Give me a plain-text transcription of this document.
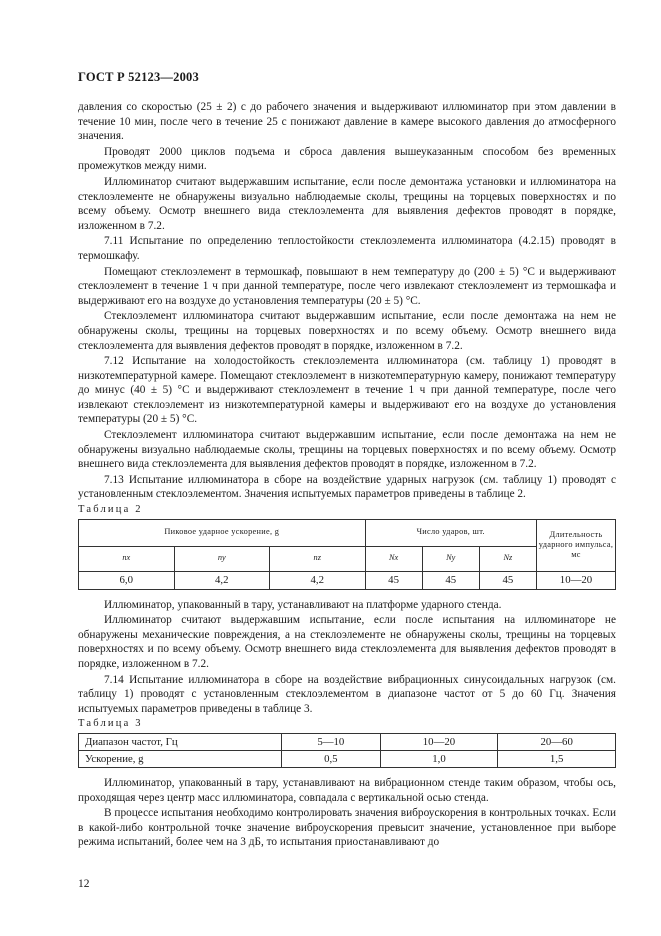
ГОСТ Р 52123—2003

давления со скоростью (25 ± 2) с до рабочего значения и выдерживают иллюминатор при этом давлении в течение 10 мин, после чего в течение 25 с понижают давление в камере высокого давления до атмосферного значения.

Проводят 2000 циклов подъема и сброса давления вышеуказанным способом без временных промежутков между ними.

Иллюминатор считают выдержавшим испытание, если после демонтажа установки и иллюминатора на стеклоэлементе не обнаружены визуально наблюдаемые сколы, трещины на торцевых поверхностях и по всему объему. Осмотр внешнего вида стеклоэлемента для выявления дефектов проводят в порядке, изложенном в 7.2.

7.11 Испытание по определению теплостойкости стеклоэлемента иллюминатора (4.2.15) проводят в термошкафу.

Помещают стеклоэлемент в термошкаф, повышают в нем температуру до (200 ± 5) °С и выдерживают стеклоэлемент в течение 1 ч при данной температуре, после чего извлекают стеклоэлемент из термошкафа и выдерживают его на воздухе до установления температуры (20 ± 5) °С.

Стеклоэлемент иллюминатора считают выдержавшим испытание, если после демонтажа на нем не обнаружены сколы, трещины на торцевых поверхностях и по всему объему. Осмотр внешнего вида стеклоэлемента для выявления дефектов проводят в порядке, изложенном в 7.2.

7.12 Испытание на холодостойкость стеклоэлемента иллюминатора (см. таблицу 1) проводят в низкотемпературной камере. Помещают стеклоэлемент в низкотемпературную камеру, понижают температуру до минус (40 ± 5) °С и выдерживают стеклоэлемент в течение 1 ч при данной температуре, после чего извлекают стеклоэлемент из низкотемпературной камеры и выдерживают его на воздухе до установления температуры (20 ± 5) °С.

Стеклоэлемент иллюминатора считают выдержавшим испытание, если после демонтажа на нем не обнаружены визуально наблюдаемые сколы, трещины на торцевых поверхностях и по всему объему. Осмотр внешнего вида стеклоэлемента для выявления дефектов проводят в порядке, изложенном в 7.2.

7.13 Испытание иллюминатора в сборе на воздействие ударных нагрузок (см. таблицу 1) проводят с установленным стеклоэлементом. Значения испытуемых параметров приведены в таблице 2.

Таблица 2

Пиковое ударное ускорение, g			Число ударов, шт.			Длительность ударного импульса, мс
nx	ny	nz	Nx	Ny	Nz	
6,0	4,2	4,2	45	45	45	10—20

Иллюминатор, упакованный в тару, устанавливают на платформе ударного стенда.

Иллюминатор считают выдержавшим испытание, если после испытания на иллюминаторе не обнаружены механические повреждения, а на стеклоэлементе не обнаружены сколы, трещины на торцевых поверхностях и по всему объему. Осмотр внешнего вида стеклоэлемента для выявления дефектов проводят в порядке, изложенном в 7.2.

7.14 Испытание иллюминатора в сборе на воздействие вибрационных синусоидальных нагрузок (см. таблицу 1) проводят с установленным стеклоэлементом в диапазоне частот от 5 до 60 Гц. Значения испытуемых параметров приведены в таблице 3.

Таблица 3

Диапазон частот, Гц	5—10	10—20	20—60
Ускорение, g	0,5	1,0	1,5

Иллюминатор, упакованный в тару, устанавливают на вибрационном стенде таким образом, чтобы ось, проходящая через центр масс иллюминатора, совпадала с вертикальной осью стенда.

В процессе испытания необходимо контролировать значения виброускорения в контрольных точках. Если в какой-либо контрольной точке значение виброускорения превысит значение, установленное при выборе режима испытаний, более чем на 3 дБ, то испытания приостанавливают до

12
